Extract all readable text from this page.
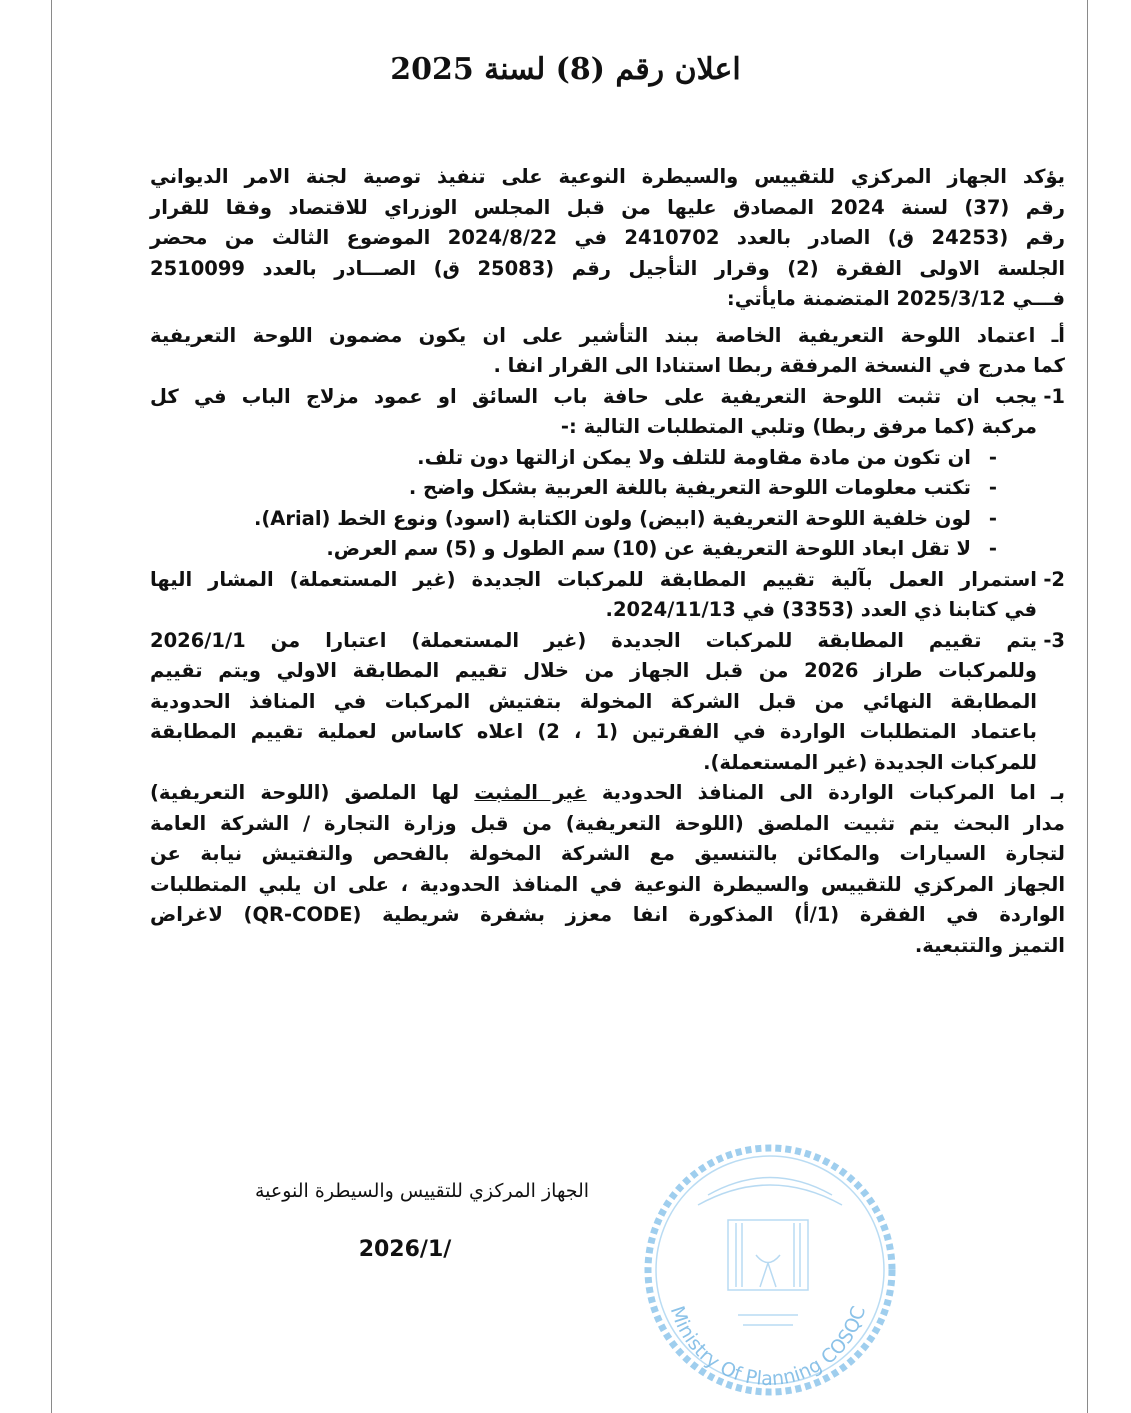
اعلان رقم (8) لسنة 2025
يؤكد الجهاز المركزي للتقييس والسيطرة النوعية على تنفيذ توصية لجنة الامر الديواني
رقم (37) لسنة 2024 المصادق عليها من قبل المجلس الوزراي للاقتصاد وفقا للقرار
رقم (24253 ق) الصادر بالعدد 2410702 في 2024/8/22 الموضوع الثالث من محضر
الجلسة الاولى الفقرة (2) وقرار التأجيل رقم (25083 ق) الصـــادر بالعدد 2510099
فـــي 2025/3/12 المتضمنة مايأتي:
أـ اعتماد اللوحة التعريفية الخاصة ببند التأشير على ان يكون مضمون اللوحة التعريفية
كما مدرج في النسخة المرفقة ربطا استنادا الى القرار انفا .
1-
يجب ان تثبت اللوحة التعريفية على حافة باب السائق او عمود مزلاج الباب في كل
مركبة (كما مرفق ربطا) وتلبي المتطلبات التالية :-
-
ان تكون من مادة مقاومة للتلف ولا يمكن ازالتها دون تلف.
-
تكتب معلومات اللوحة التعريفية باللغة العربية بشكل واضح .
-
لون خلفية اللوحة التعريفية (ابيض) ولون الكتابة (اسود) ونوع الخط (Arial).
-
لا تقل ابعاد اللوحة التعريفية عن (10) سم الطول و (5) سم العرض.
2-
استمرار العمل بآلية تقييم المطابقة للمركبات الجديدة (غير المستعملة) المشار اليها
في كتابنا ذي العدد (3353) في 2024/11/13.
3-
يتم تقييم المطابقة للمركبات الجديدة (غير المستعملة) اعتبارا من 2026/1/1
وللمركبات طراز 2026 من قبل الجهاز من خلال تقييم المطابقة الاولي ويتم تقييم
المطابقة النهائي من قبل الشركة المخولة بتفتيش المركبات في المنافذ الحدودية
باعتماد المتطلبات الواردة في الفقرتين (1 ، 2) اعلاه كاساس لعملية تقييم المطابقة
للمركبات الجديدة (غير المستعملة).
بـ اما المركبات الواردة الى المنافذ الحدودية غير المثبت لها الملصق (اللوحة التعريفية)
مدار البحث يتم تثبيت الملصق (اللوحة التعريفية) من قبل وزارة التجارة / الشركة العامة
لتجارة السيارات والمكائن بالتنسيق مع الشركة المخولة بالفحص والتفتيش نيابة عن
الجهاز المركزي للتقييس والسيطرة النوعية في المنافذ الحدودية ، على ان يلبي المتطلبات
الواردة في الفقرة (1/أ) المذكورة انفا معزز بشفرة شريطية (QR-CODE) لاغراض
التميز والتتبعية.
الجهاز المركزي للتقييس والسيطرة النوعية
2026/1/
Ministry Of Planning COSQC
